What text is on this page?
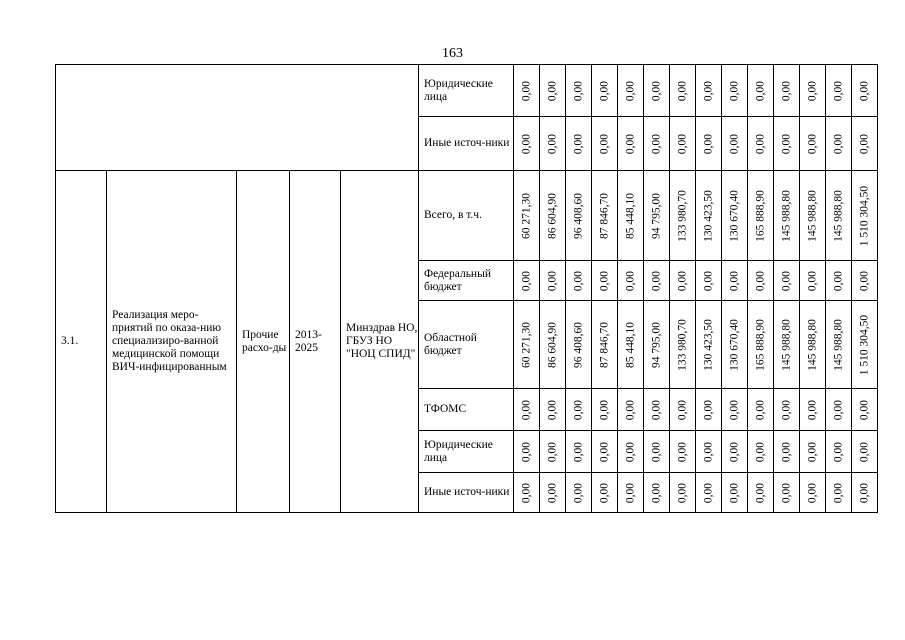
163
					Юридические лица	0,00	0,00	0,00	0,00	0,00	0,00	0,00	0,00	0,00	0,00	0,00	0,00	0,00	0,00

					Иные источ-ники	0,00	0,00	0,00	0,00	0,00	0,00	0,00	0,00	0,00	0,00	0,00	0,00	0,00	0,00

3.1.	Реализация меро-приятий по оказа-нию специализиро-ванной медицинской помощи ВИЧ-инфицированным	Прочие расхо-ды	2013-2025	Минздрав НО, ГБУЗ НО "НОЦ СПИД"	Всего, в т.ч.	60 271,30	86 604,90	96 408,60	87 846,70	85 448,10	94 795,00	133 980,70	130 423,50	130 670,40	165 888,90	145 988,80	145 988,80	145 988,80	1 510 304,50

					Федеральный бюджет	0,00	0,00	0,00	0,00	0,00	0,00	0,00	0,00	0,00	0,00	0,00	0,00	0,00	0,00

					Областной бюджет	60 271,30	86 604,90	96 408,60	87 846,70	85 448,10	94 795,00	133 980,70	130 423,50	130 670,40	165 888,90	145 988,80	145 988,80	145 988,80	1 510 304,50

					ТФОМС	0,00	0,00	0,00	0,00	0,00	0,00	0,00	0,00	0,00	0,00	0,00	0,00	0,00	0,00

					Юридические лица	0,00	0,00	0,00	0,00	0,00	0,00	0,00	0,00	0,00	0,00	0,00	0,00	0,00	0,00

					Иные источ-ники	0,00	0,00	0,00	0,00	0,00	0,00	0,00	0,00	0,00	0,00	0,00	0,00	0,00	0,00
